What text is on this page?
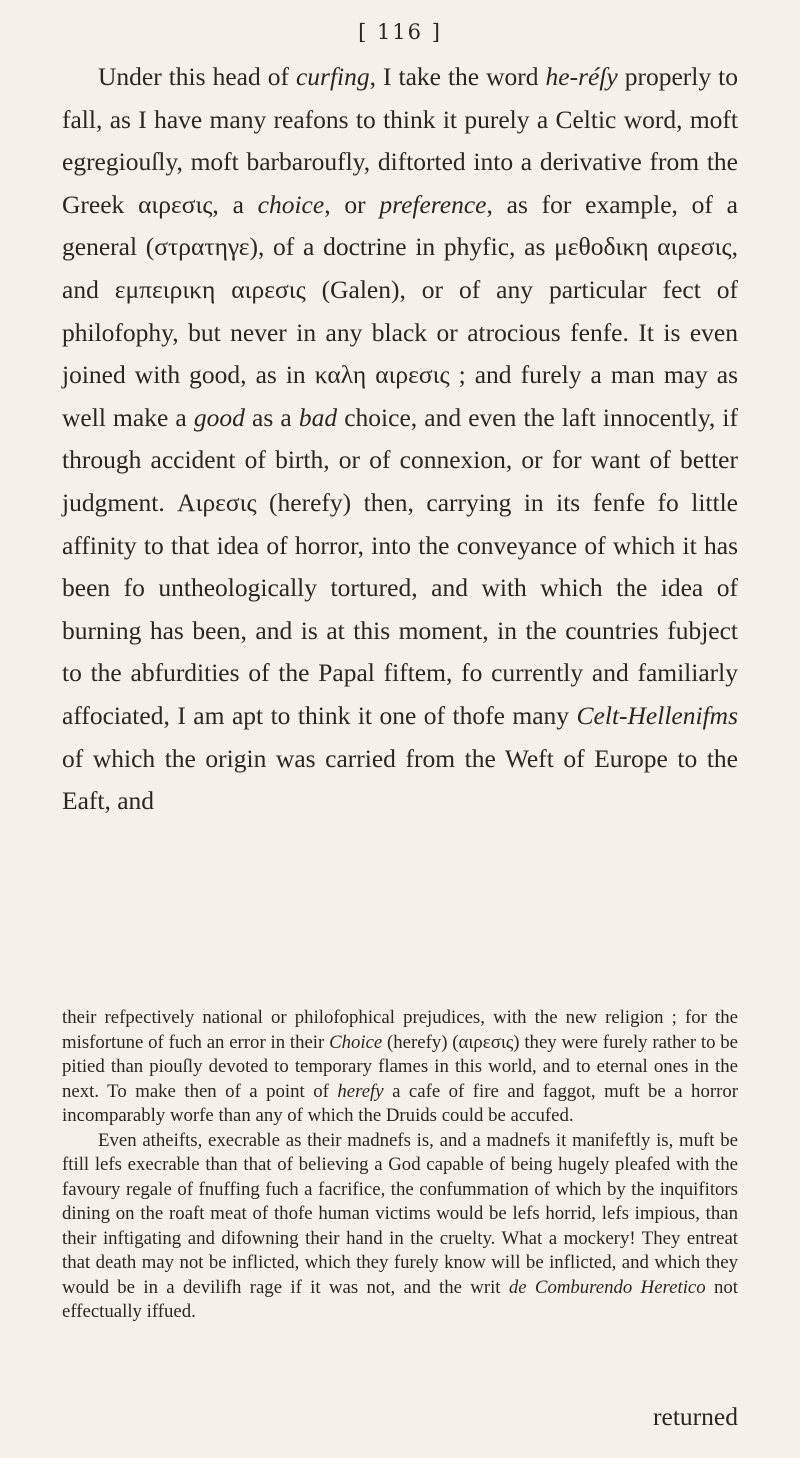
[ 116 ]

Under this head of curfing, I take the word he-réſy properly to fall, as I have many reafons to think it purely a Celtic word, moft egregiouſly, moft barbaroufly, diftorted into a derivative from the Greek αιρεσις, a choice, or preference, as for example, of a general (στρατηγε), of a doctrine in phyfic, as μεθοδικη αιρεσις, and εμπειρικη αιρεσις (Galen), or of any particular fect of philofophy, but never in any black or atrocious fenfe. It is even joined with good, as in καλη αιρεσις ; and furely a man may as well make a good as a bad choice, and even the laft innocently, if through accident of birth, or of connexion, or for want of better judgment. Αιρεσις (herefy) then, carrying in its fenfe fo little affinity to that idea of horror, into the conveyance of which it has been fo untheologically tortured, and with which the idea of burning has been, and is at this moment, in the countries fubject to the abfurdities of the Papal fiftem, fo currently and familiarly affociated, I am apt to think it one of thofe many Celt-Hellenifms of which the origin was carried from the Weft of Europe to the Eaft, and

their refpectively national or philofophical prejudices, with the new religion ; for the misfortune of fuch an error in their Choice (herefy) (αιρεσις) they were furely rather to be pitied than piouſly devoted to temporary flames in this world, and to eternal ones in the next. To make then of a point of herefy a cafe of fire and faggot, muft be a horror incomparably worfe than any of which the Druids could be accufed.

Even atheifts, execrable as their madnefs is, and a madnefs it manifeftly is, muft be ftill lefs execrable than that of believing a God capable of being hugely pleafed with the favoury regale of fnuffing fuch a facrifice, the confummation of which by the inquifitors dining on the roaft meat of thofe human victims would be lefs horrid, lefs impious, than their inftigating and difowning their hand in the cruelty. What a mockery! They entreat that death may not be inflicted, which they furely know will be inflicted, and which they would be in a devilifh rage if it was not, and the writ de Comburendo Heretico not effectually iffued.

returned
